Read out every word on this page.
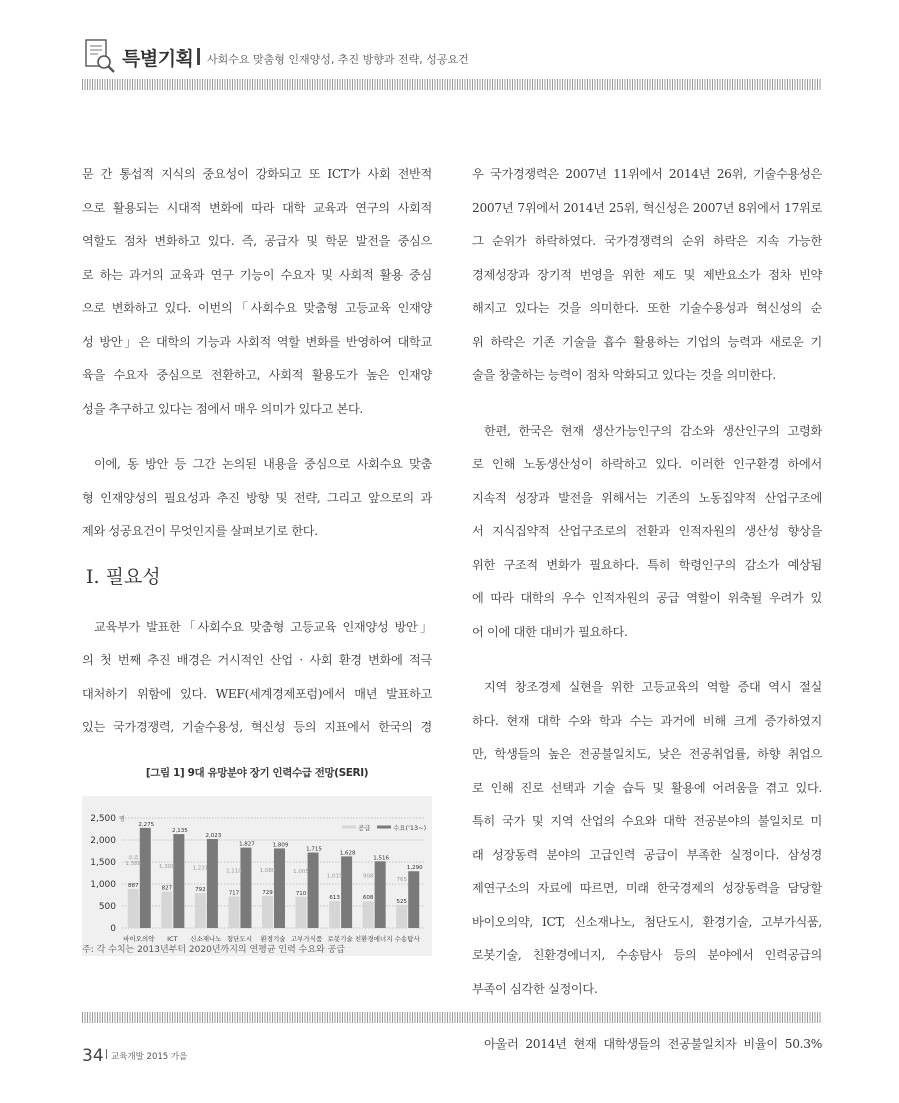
특별기획 사회수요 맞춤형 인재양성, 추진 방향과 전략, 성공요건

문 간 통섭적 지식의 중요성이 강화되고 또 ICT가 사회 전반적
으로 활용되는 시대적 변화에 따라 대학 교육과 연구의 사회적
역할도 점차 변화하고 있다. 즉, 공급자 및 학문 발전을 중심으
로 하는 과거의 교육과 연구 기능이 수요자 및 사회적 활용 중심
으로 변화하고 있다. 이번의「사회수요 맞춤형 고등교육 인재양
성 방안」은 대학의 기능과 사회적 역할 변화를 반영하여 대학교
육을 수요자 중심으로 전환하고, 사회적 활용도가 높은 인재양
성을 추구하고 있다는 점에서 매우 의미가 있다고 본다.

이에, 동 방안 등 그간 논의된 내용을 중심으로 사회수요 맞춤
형 인재양성의 필요성과 추진 방향 및 전략, 그리고 앞으로의 과
제와 성공요건이 무엇인지를 살펴보기로 한다.

Ⅰ. 필요성

교육부가 발표한「사회수요 맞춤형 고등교육 인재양성 방안」
의 첫 번째 추진 배경은 거시적인 산업 · 사회 환경 변화에 적극
대처하기 위함에 있다. WEF(세계경제포럼)에서 매년 발표하고
있는 국가경쟁력, 기술수용성, 혁신성 등의 지표에서 한국의 경

[그림 1] 9대 유망분야 장기 인력수급 전망(SERI)
0
500
1,000
1,500
2,000
2,500 명
공급	수요('13~)
887
2,275
1,388
바이오의약
827
2,135
1,308
ICT
792
2,023
1,231
신소재나노
717
1,827
1,110
첨단도시
729
1,809
1,080
환경기술
710
1,715
1,005
고부가식품
613
1,628
1,015
로봇기술
608
1,516
908
친환경에너지
525
1,290
765
수송탐사
부족
주: 각 수치는 2013년부터 2020년까지의 연평균 인력 수요와 공급

우 국가경쟁력은 2007년 11위에서 2014년 26위, 기술수용성은
2007년 7위에서 2014년 25위, 혁신성은 2007년 8위에서 17위로
그 순위가 하락하였다. 국가경쟁력의 순위 하락은 지속 가능한
경제성장과 장기적 번영을 위한 제도 및 제반요소가 점차 빈약
해지고 있다는 것을 의미한다. 또한 기술수용성과 혁신성의 순
위 하락은 기존 기술을 흡수 활용하는 기업의 능력과 새로운 기
술을 창출하는 능력이 점차 악화되고 있다는 것을 의미한다.

한편, 한국은 현재 생산가능인구의 감소와 생산인구의 고령화
로 인해 노동생산성이 하락하고 있다. 이러한 인구환경 하에서
지속적 성장과 발전을 위해서는 기존의 노동집약적 산업구조에
서 지식집약적 산업구조로의 전환과 인적자원의 생산성 향상을
위한 구조적 변화가 필요하다. 특히 학령인구의 감소가 예상됨
에 따라 대학의 우수 인적자원의 공급 역할이 위축될 우려가 있
어 이에 대한 대비가 필요하다.

지역 창조경제 실현을 위한 고등교육의 역할 증대 역시 절실
하다. 현재 대학 수와 학과 수는 과거에 비해 크게 증가하였지
만, 학생들의 높은 전공불일치도, 낮은 전공취업률, 하향 취업으
로 인해 진로 선택과 기술 습득 및 활용에 어려움을 겪고 있다.
특히 국가 및 지역 산업의 수요와 대학 전공분야의 불일치로 미
래 성장동력 분야의 고급인력 공급이 부족한 실정이다. 삼성경
제연구소의 자료에 따르면, 미래 한국경제의 성장동력을 담당할
바이오의약, ICT, 신소재나노, 첨단도시, 환경기술, 고부가식품,
로봇기술, 친환경에너지, 수송탐사 등의 분야에서 인력공급의
부족이 심각한 실정이다.

아울러 2014년 현재 대학생들의 전공불일치자 비율이 50.3%

34 교육개발 2015 가을
